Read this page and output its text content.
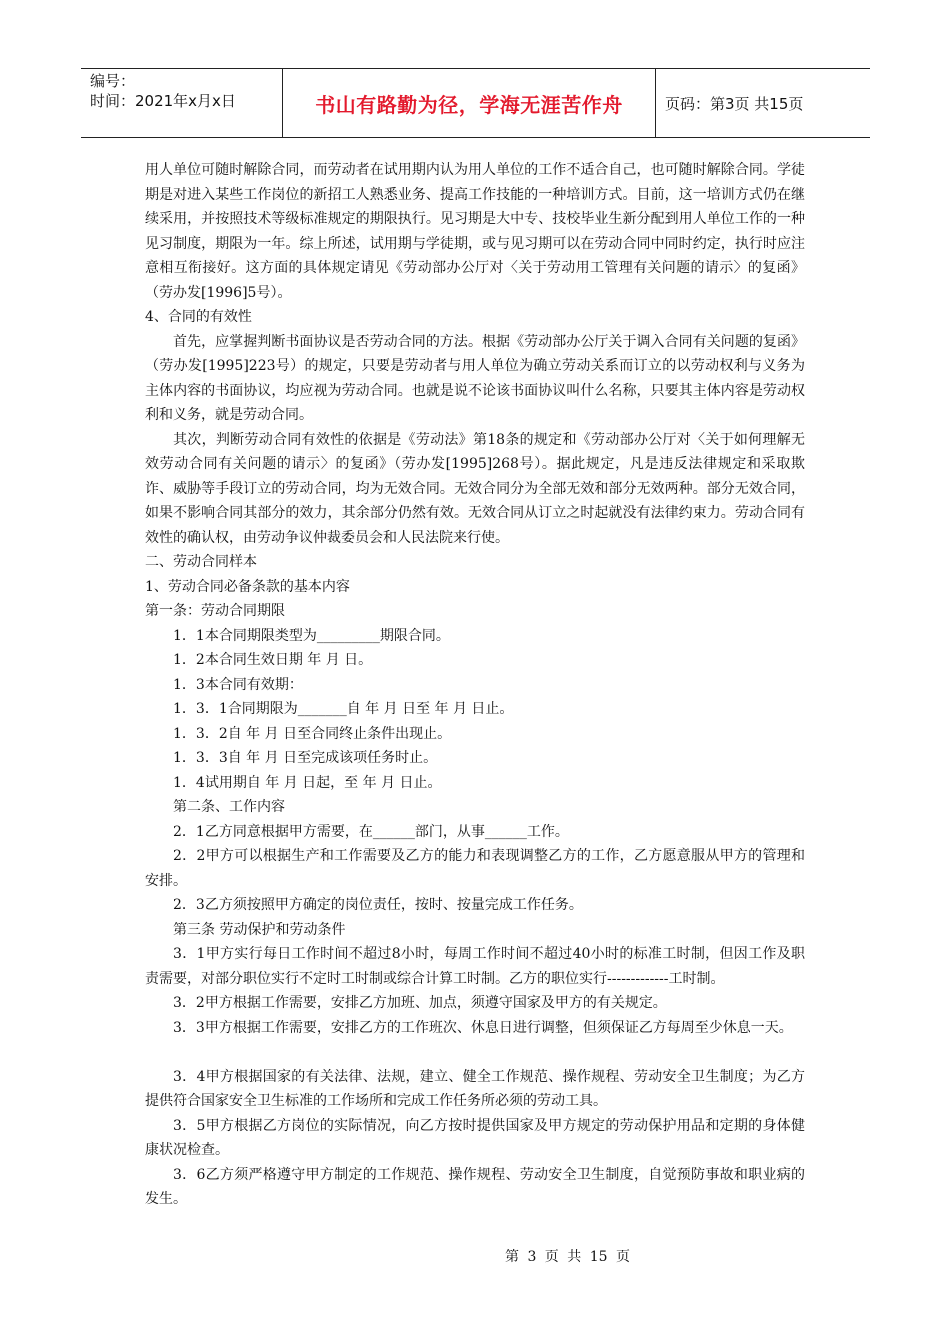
编号：
时间：2021年x月x日	书山有路勤为径，学海无涯苦作舟	页码：第3页 共15页

用人单位可随时解除合同，而劳动者在试用期内认为用人单位的工作不适合自己，也可随时解除合同。学徒期是对进入某些工作岗位的新招工人熟悉业务、提高工作技能的一种培训方式。目前，这一培训方式仍在继续采用，并按照技术等级标准规定的期限执行。见习期是大中专、技校毕业生新分配到用人单位工作的一种见习制度，期限为一年。综上所述，试用期与学徒期，或与见习期可以在劳动合同中同时约定，执行时应注意相互衔接好。这方面的具体规定请见《劳动部办公厅对〈关于劳动用工管理有关问题的请示〉的复函》（劳办发[1996]5号）。

4、合同的有效性

首先，应掌握判断书面协议是否劳动合同的方法。根据《劳动部办公厅关于调入合同有关问题的复函》（劳办发[1995]223号）的规定，只要是劳动者与用人单位为确立劳动关系而订立的以劳动权利与义务为主体内容的书面协议，均应视为劳动合同。也就是说不论该书面协议叫什么名称，只要其主体内容是劳动权利和义务，就是劳动合同。

其次，判断劳动合同有效性的依据是《劳动法》第18条的规定和《劳动部办公厅对〈关于如何理解无效劳动合同有关问题的请示〉的复函》（劳办发[1995]268号）。据此规定，凡是违反法律规定和采取欺诈、威胁等手段订立的劳动合同，均为无效合同。无效合同分为全部无效和部分无效两种。部分无效合同，如果不影响合同其部分的效力，其余部分仍然有效。无效合同从订立之时起就没有法律约束力。劳动合同有效性的确认权，由劳动争议仲裁委员会和人民法院来行使。

二、劳动合同样本

1、劳动合同必备条款的基本内容

第一条：劳动合同期限

1．1本合同期限类型为_________期限合同。

1．2本合同生效日期 年 月 日。

1．3本合同有效期：

1．3．1合同期限为_______自 年 月 日至 年 月 日止。

1．3．2自 年 月 日至合同终止条件出现止。

1．3．3自 年 月 日至完成该项任务时止。

1．4试用期自 年 月 日起，至 年 月 日止。

第二条、工作内容

2．1乙方同意根据甲方需要，在______部门，从事______工作。

2．2甲方可以根据生产和工作需要及乙方的能力和表现调整乙方的工作，乙方愿意服从甲方的管理和安排。

2．3乙方须按照甲方确定的岗位责任，按时、按量完成工作任务。

第三条 劳动保护和劳动条件

3．1甲方实行每日工作时间不超过8小时，每周工作时间不超过40小时的标准工时制，但因工作及职责需要，对部分职位实行不定时工时制或综合计算工时制。乙方的职位实行-------------工时制。

3．2甲方根据工作需要，安排乙方加班、加点，须遵守国家及甲方的有关规定。

3．3甲方根据工作需要，安排乙方的工作班次、休息日进行调整，但须保证乙方每周至少休息一天。

3．4甲方根据国家的有关法律、法规，建立、健全工作规范、操作规程、劳动安全卫生制度；为乙方提供符合国家安全卫生标准的工作场所和完成工作任务所必须的劳动工具。

3．5甲方根据乙方岗位的实际情况，向乙方按时提供国家及甲方规定的劳动保护用品和定期的身体健康状况检查。

3．6乙方须严格遵守甲方制定的工作规范、操作规程、劳动安全卫生制度，自觉预防事故和职业病的发生。

第 3 页 共 15 页
